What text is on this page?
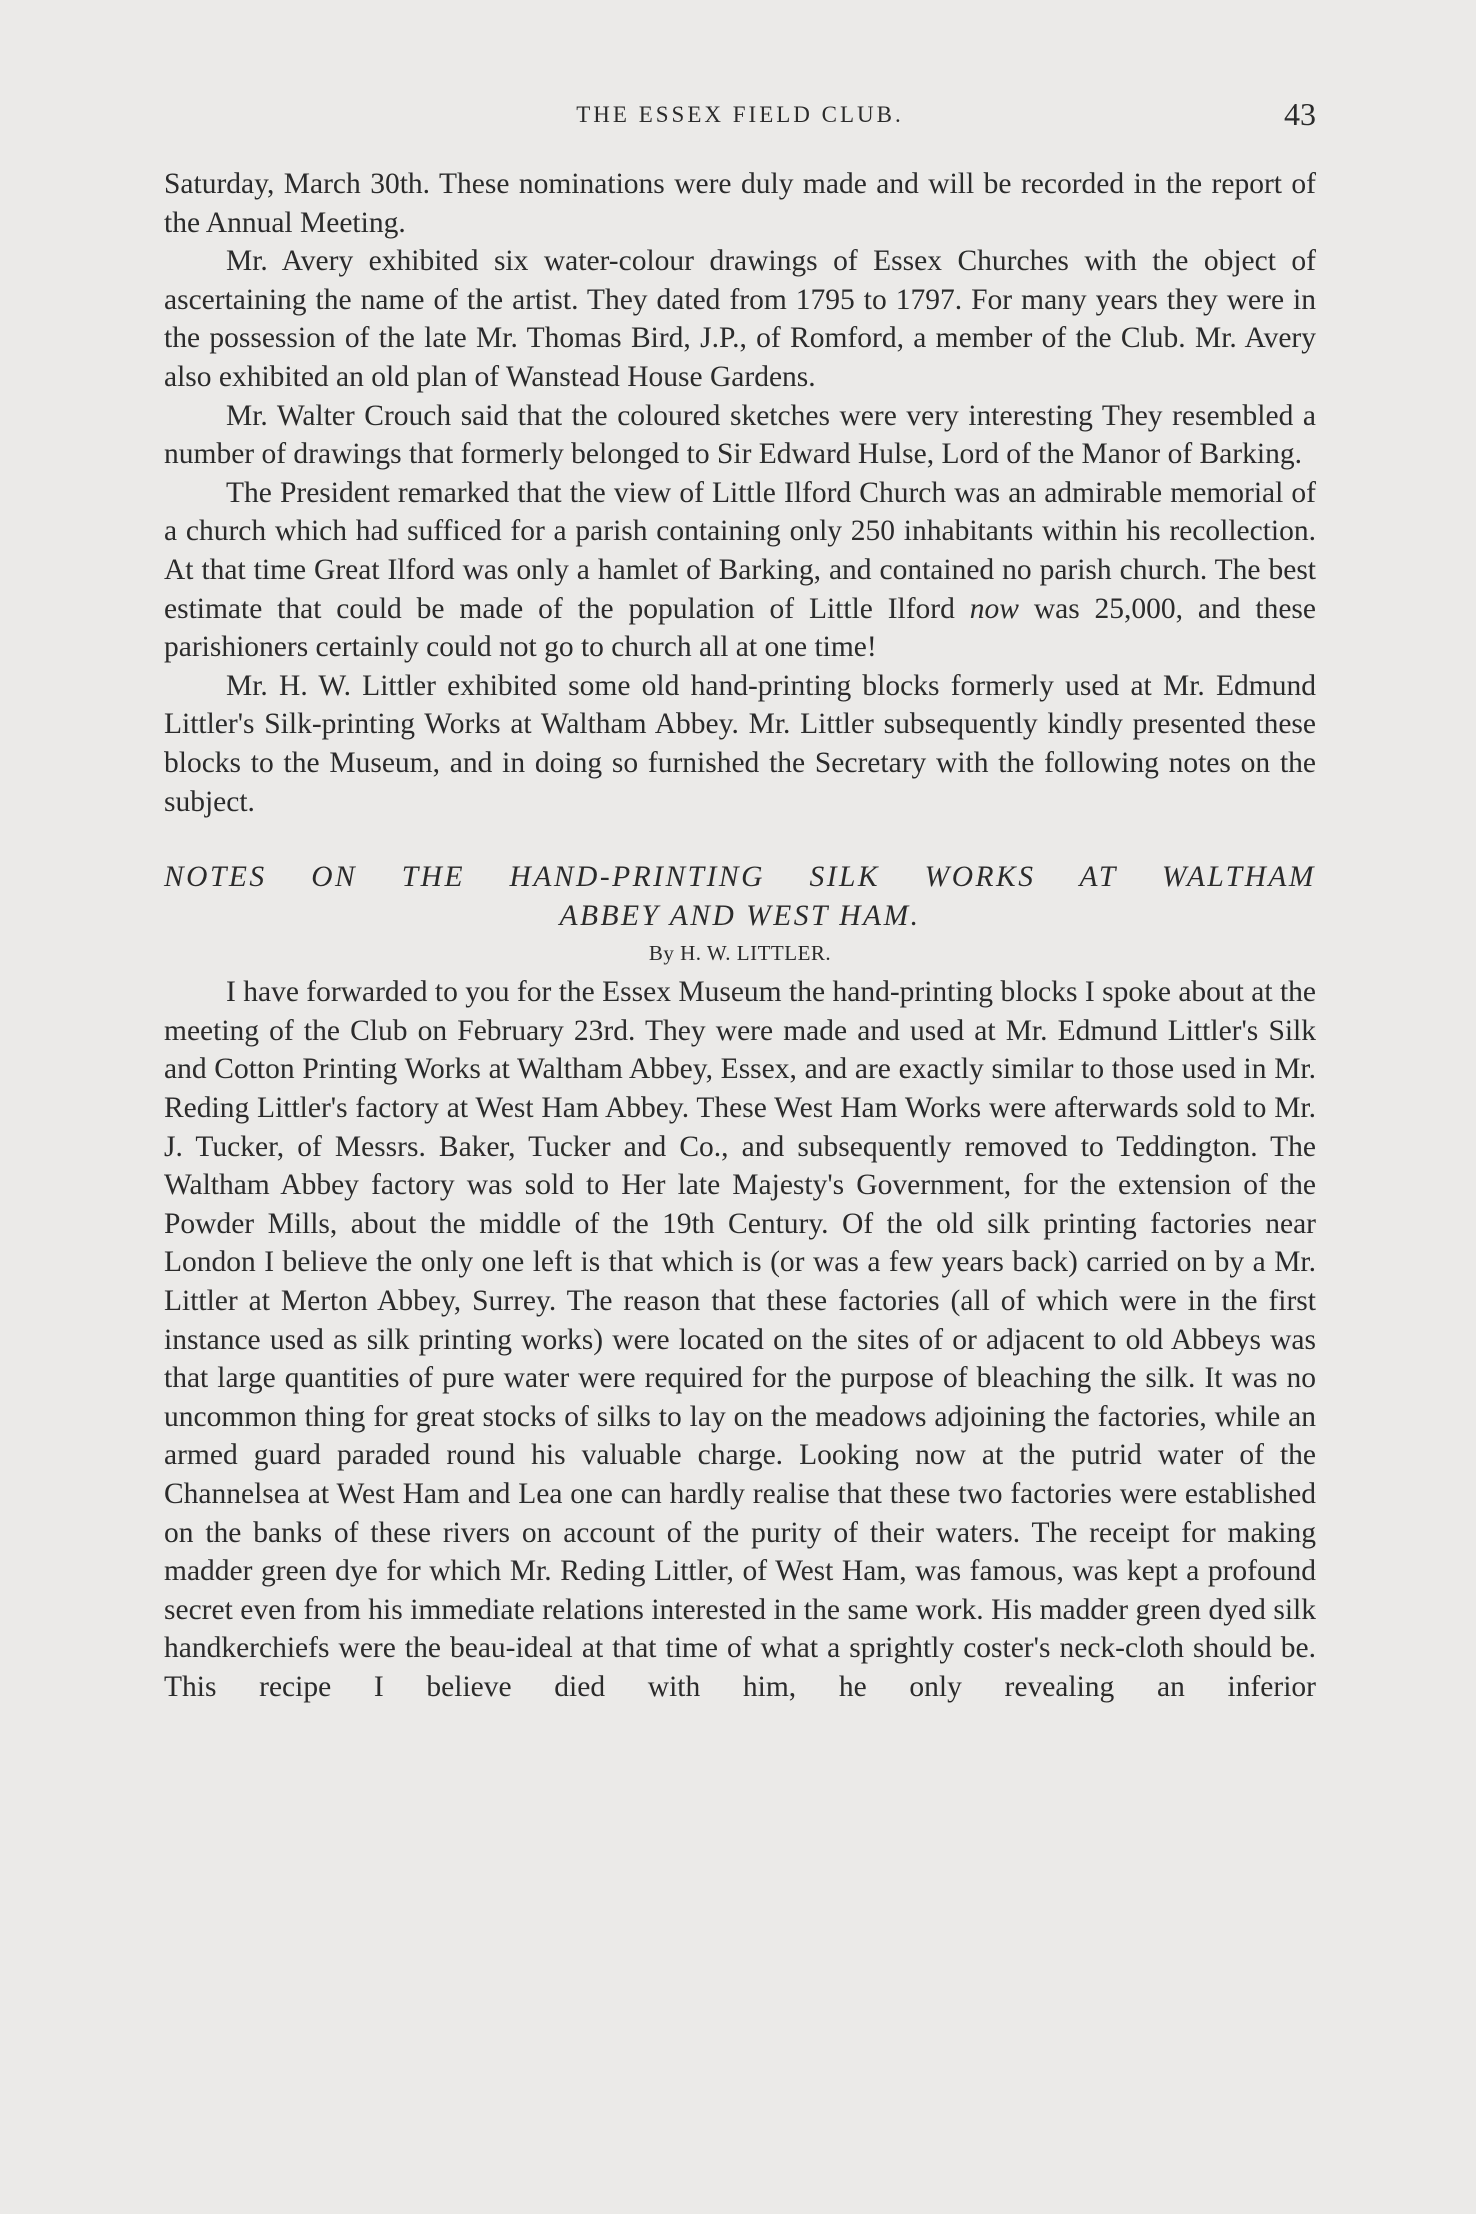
THE ESSEX FIELD CLUB.	43

Saturday, March 30th. These nominations were duly made and will be recorded in the report of the Annual Meeting.

Mr. Avery exhibited six water-colour drawings of Essex Churches with the object of ascertaining the name of the artist. They dated from 1795 to 1797. For many years they were in the possession of the late Mr. Thomas Bird, J.P., of Romford, a member of the Club. Mr. Avery also exhibited an old plan of Wanstead House Gardens.

Mr. Walter Crouch said that the coloured sketches were very interesting They resembled a number of drawings that formerly belonged to Sir Edward Hulse, Lord of the Manor of Barking.

The President remarked that the view of Little Ilford Church was an admirable memorial of a church which had sufficed for a parish containing only 250 inhabitants within his recollection. At that time Great Ilford was only a hamlet of Barking, and contained no parish church. The best estimate that could be made of the population of Little Ilford now was 25,000, and these parishioners certainly could not go to church all at one time!

Mr. H. W. Littler exhibited some old hand-printing blocks formerly used at Mr. Edmund Littler's Silk-printing Works at Waltham Abbey. Mr. Littler subsequently kindly presented these blocks to the Museum, and in doing so furnished the Secretary with the following notes on the subject.

NOTES ON THE HAND-PRINTING SILK WORKS AT WALTHAM
ABBEY AND WEST HAM.
By H. W. LITTLER.

I have forwarded to you for the Essex Museum the hand-printing blocks I spoke about at the meeting of the Club on February 23rd. They were made and used at Mr. Edmund Littler's Silk and Cotton Printing Works at Waltham Abbey, Essex, and are exactly similar to those used in Mr. Reding Littler's factory at West Ham Abbey. These West Ham Works were afterwards sold to Mr. J. Tucker, of Messrs. Baker, Tucker and Co., and subsequently removed to Teddington. The Waltham Abbey factory was sold to Her late Majesty's Government, for the extension of the Powder Mills, about the middle of the 19th Century. Of the old silk printing factories near London I believe the only one left is that which is (or was a few years back) carried on by a Mr. Littler at Merton Abbey, Surrey. The reason that these factories (all of which were in the first instance used as silk printing works) were located on the sites of or adjacent to old Abbeys was that large quantities of pure water were required for the purpose of bleaching the silk. It was no uncommon thing for great stocks of silks to lay on the meadows adjoining the factories, while an armed guard paraded round his valuable charge. Looking now at the putrid water of the Channelsea at West Ham and Lea one can hardly realise that these two factories were established on the banks of these rivers on account of the purity of their waters. The receipt for making madder green dye for which Mr. Reding Littler, of West Ham, was famous, was kept a profound secret even from his immediate relations interested in the same work. His madder green dyed silk handkerchiefs were the beau-ideal at that time of what a sprightly coster's neck-cloth should be. This recipe I believe died with him, he only revealing an inferior
